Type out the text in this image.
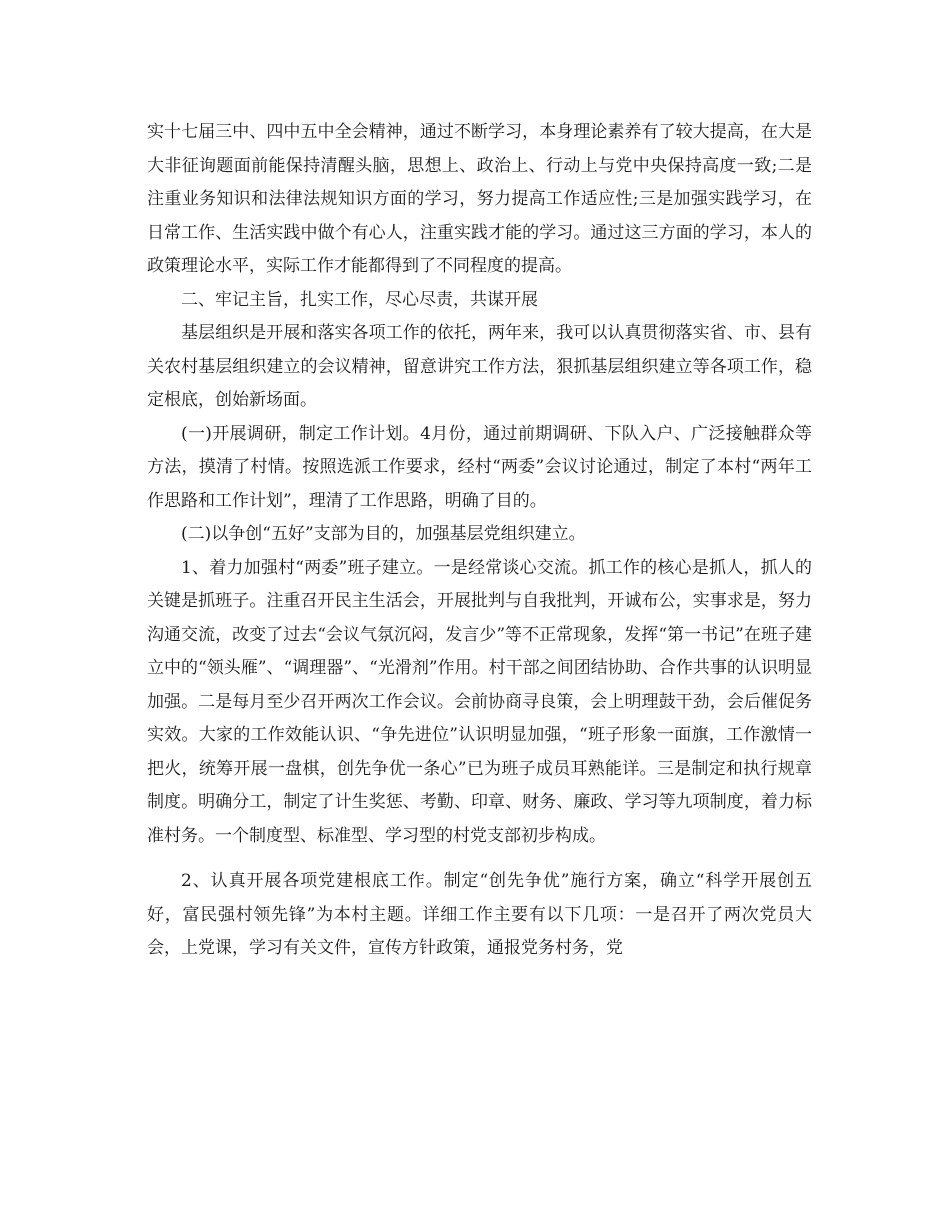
实十七届三中、四中五中全会精神，通过不断学习，本身理论素养有了较大提高，在大是大非征询题面前能保持清醒头脑，思想上、政治上、行动上与党中央保持高度一致;二是注重业务知识和法律法规知识方面的学习，努力提高工作适应性;三是加强实践学习，在日常工作、生活实践中做个有心人，注重实践才能的学习。通过这三方面的学习，本人的政策理论水平，实际工作才能都得到了不同程度的提高。

二、牢记主旨，扎实工作，尽心尽责，共谋开展

基层组织是开展和落实各项工作的依托，两年来，我可以认真贯彻落实省、市、县有关农村基层组织建立的会议精神，留意讲究工作方法，狠抓基层组织建立等各项工作，稳定根底，创始新场面。

(一)开展调研，制定工作计划。4月份，通过前期调研、下队入户、广泛接触群众等方法，摸清了村情。按照选派工作要求，经村“两委”会议讨论通过，制定了本村“两年工作思路和工作计划”，理清了工作思路，明确了目的。

(二)以争创“五好”支部为目的，加强基层党组织建立。

1、着力加强村“两委”班子建立。一是经常谈心交流。抓工作的核心是抓人，抓人的关键是抓班子。注重召开民主生活会，开展批判与自我批判，开诚布公，实事求是，努力沟通交流，改变了过去“会议气氛沉闷，发言少”等不正常现象，发挥“第一书记”在班子建立中的“领头雁”、“调理器”、“光滑剂”作用。村干部之间团结协助、合作共事的认识明显加强。二是每月至少召开两次工作会议。会前协商寻良策，会上明理鼓干劲，会后催促务实效。大家的工作效能认识、“争先进位”认识明显加强，“班子形象一面旗，工作激情一把火，统筹开展一盘棋，创先争优一条心”已为班子成员耳熟能详。三是制定和执行规章制度。明确分工，制定了计生奖惩、考勤、印章、财务、廉政、学习等九项制度，着力标准村务。一个制度型、标准型、学习型的村党支部初步构成。

2、认真开展各项党建根底工作。制定“创先争优”施行方案，确立“科学开展创五好，富民强村领先锋”为本村主题。详细工作主要有以下几项：一是召开了两次党员大会，上党课，学习有关文件，宣传方针政策，通报党务村务，党
